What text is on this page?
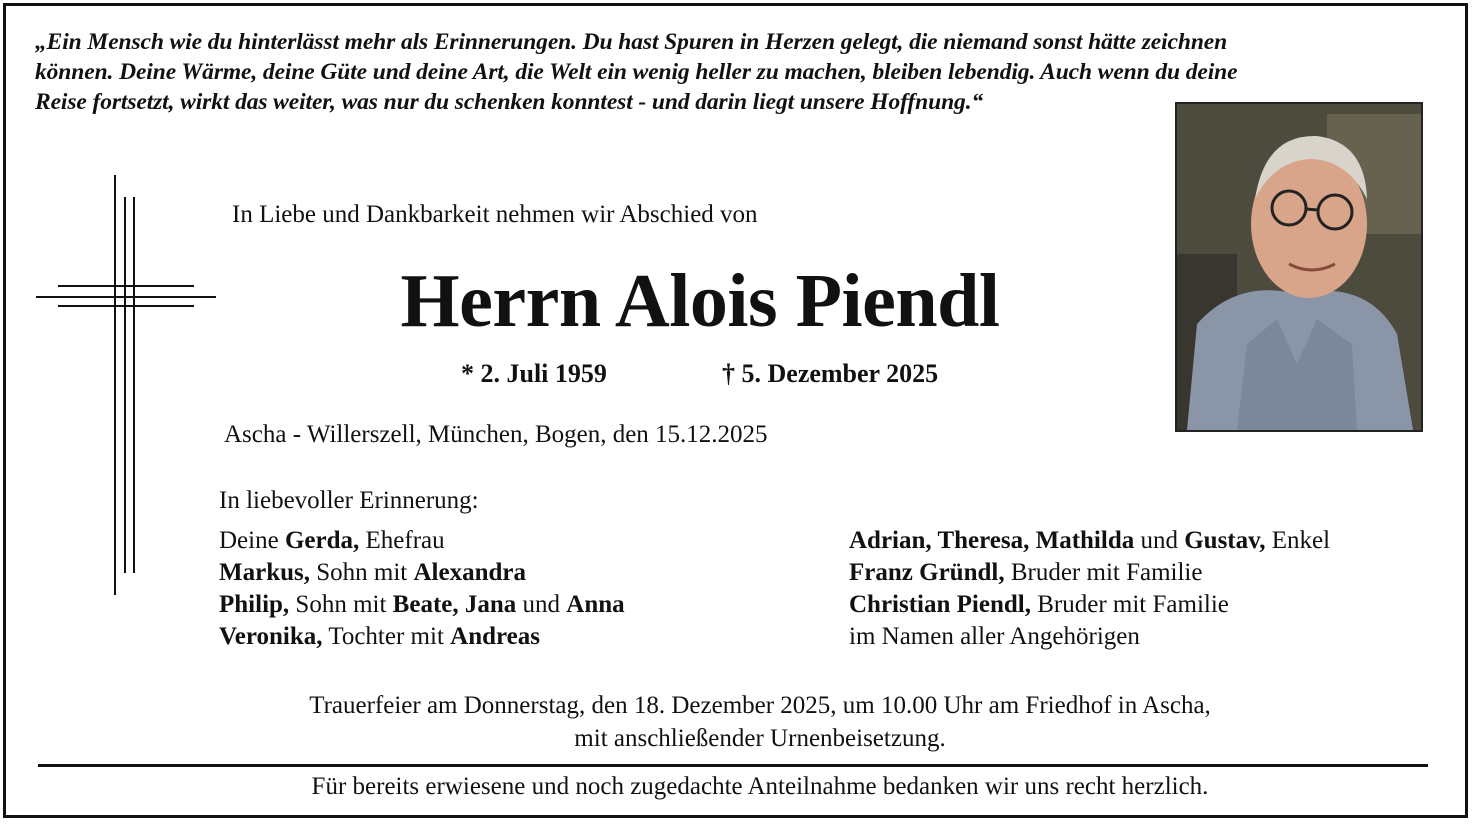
„Ein Mensch wie du hinterlässt mehr als Erinnerungen. Du hast Spuren in Herzen gelegt, die niemand sonst hätte zeichnen
können. Deine Wärme, deine Güte und deine Art, die Welt ein wenig heller zu machen, bleiben lebendig. Auch wenn du deine
Reise fortsetzt, wirkt das weiter, was nur du schenken konntest - und darin liegt unsere Hoffnung.“
In Liebe und Dankbarkeit nehmen wir Abschied von
Herrn Alois Piendl
* 2. Juli 1959	† 5. Dezember 2025
Ascha - Willerszell, München, Bogen, den 15.12.2025
In liebevoller Erinnerung:
Deine Gerda, Ehefrau
Markus, Sohn mit Alexandra
Philip, Sohn mit Beate, Jana und Anna
Veronika, Tochter mit Andreas
Adrian, Theresa, Mathilda und Gustav, Enkel
Franz Gründl, Bruder mit Familie
Christian Piendl, Bruder mit Familie
im Namen aller Angehörigen
Trauerfeier am Donnerstag, den 18. Dezember 2025, um 10.00 Uhr am Friedhof in Ascha,
mit anschließender Urnenbeisetzung.
Für bereits erwiesene und noch zugedachte Anteilnahme bedanken wir uns recht herzlich.
